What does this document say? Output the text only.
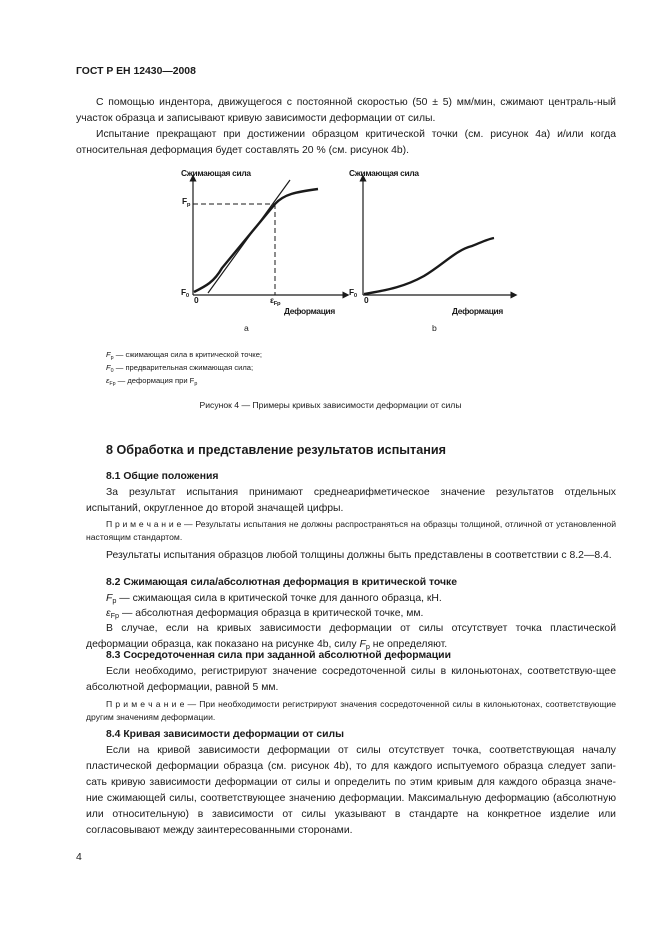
ГОСТ Р ЕН 12430—2008
С помощью индентора, движущегося с постоянной скоростью (50 ± 5) мм/мин, сжимают централь-ный участок образца и записывают кривую зависимости деформации от силы.
Испытание прекращают при достижении образцом критической точки (см. рисунок 4а) и/или когда относительная деформация будет составлять 20 % (см. рисунок 4b).
Сжимающая сила
$F_p$
$F_0$ 0	$\varepsilon_{Fp}$
Деформация
a
Сжимающая сила
$F_0$ 0
Деформация
b
$F_p$ — сжимающая сила в критической точке;
$F_0$ — предварительная сжимающая сила;
$\varepsilon_{Fp}$ — деформация при $F_p$
Рисунок 4 — Примеры кривых зависимости деформации от силы
8 Обработка и представление результатов испытания
8.1 Общие положения
За результат испытания принимают среднеарифметическое значение результатов отдельных испытаний, округленное до второй значащей цифры.
П р и м е ч а н и е — Результаты испытания не должны распространяться на образцы толщиной, отличной от установленной настоящим стандартом.
Результаты испытания образцов любой толщины должны быть представлены в соответствии с 8.2—8.4.
8.2 Сжимающая сила/абсолютная деформация в критической точке
$F_p$ — сжимающая сила в критической точке для данного образца, кН.
$\varepsilon_{Fp}$ — абсолютная деформация образца в критической точке, мм.
В случае, если на кривых зависимости деформации от силы отсутствует точка пластической деформации образца, как показано на рисунке 4b, силу $F_p$ не определяют.
8.3 Сосредоточенная сила при заданной абсолютной деформации
Если необходимо, регистрируют значение сосредоточенной силы в килоньютонах, соответствую-щее абсолютной деформации, равной 5 мм.
П р и м е ч а н и е — При необходимости регистрируют значения сосредоточенной силы в килоньютонах, соответствующие другим значениям деформации.
8.4 Кривая зависимости деформации от силы
Если на кривой зависимости деформации от силы отсутствует точка, соответствующая началу пластической деформации образца (см. рисунок 4b), то для каждого испытуемого образца следует запи-сать кривую зависимости деформации от силы и определить по этим кривым для каждого образца значе-ние сжимающей силы, соответствующее значению деформации. Максимальную деформацию (абсолютную или относительную) в зависимости от силы указывают в стандарте на конкретное изделие или согласовывают между заинтересованными сторонами.
4
